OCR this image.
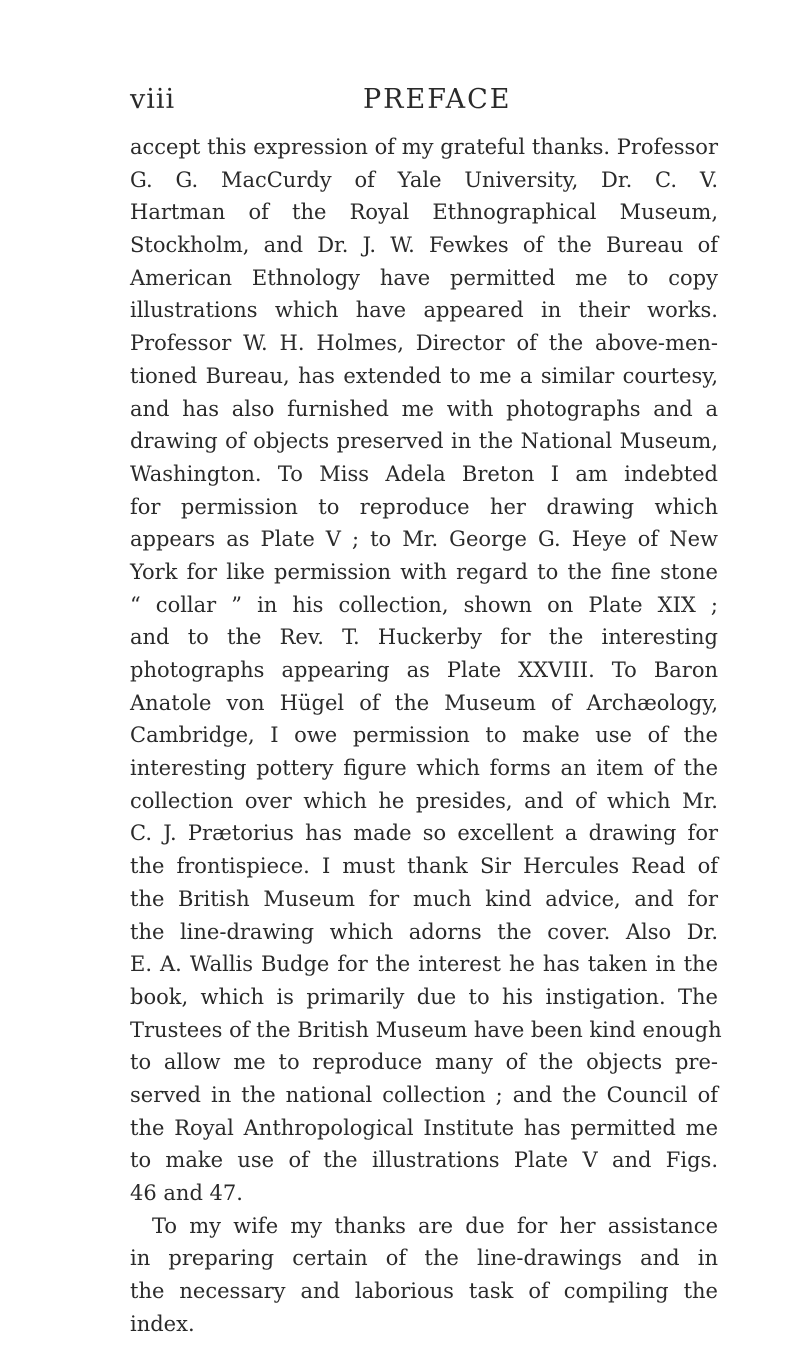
viii	PREFACE
accept this expression of my grateful thanks. Professor
G. G. MacCurdy of Yale University, Dr. C. V.
Hartman of the Royal Ethnographical Museum,
Stockholm, and Dr. J. W. Fewkes of the Bureau of
American Ethnology have permitted me to copy
illustrations which have appeared in their works.
Professor W. H. Holmes, Director of the above-men-
tioned Bureau, has extended to me a similar courtesy,
and has also furnished me with photographs and a
drawing of objects preserved in the National Museum,
Washington. To Miss Adela Breton I am indebted
for permission to reproduce her drawing which
appears as Plate V ; to Mr. George G. Heye of New
York for like permission with regard to the fine stone
“ collar ” in his collection, shown on Plate XIX ;
and to the Rev. T. Huckerby for the interesting
photographs appearing as Plate XXVIII. To Baron
Anatole von Hügel of the Museum of Archæology,
Cambridge, I owe permission to make use of the
interesting pottery figure which forms an item of the
collection over which he presides, and of which Mr.
C. J. Prætorius has made so excellent a drawing for
the frontispiece. I must thank Sir Hercules Read of
the British Museum for much kind advice, and for
the line-drawing which adorns the cover. Also Dr.
E. A. Wallis Budge for the interest he has taken in the
book, which is primarily due to his instigation. The
Trustees of the British Museum have been kind enough
to allow me to reproduce many of the objects pre-
served in the national collection ; and the Council of
the Royal Anthropological Institute has permitted me
to make use of the illustrations Plate V and Figs.
46 and 47.
To my wife my thanks are due for her assistance
in preparing certain of the line-drawings and in
the necessary and laborious task of compiling the
index.
